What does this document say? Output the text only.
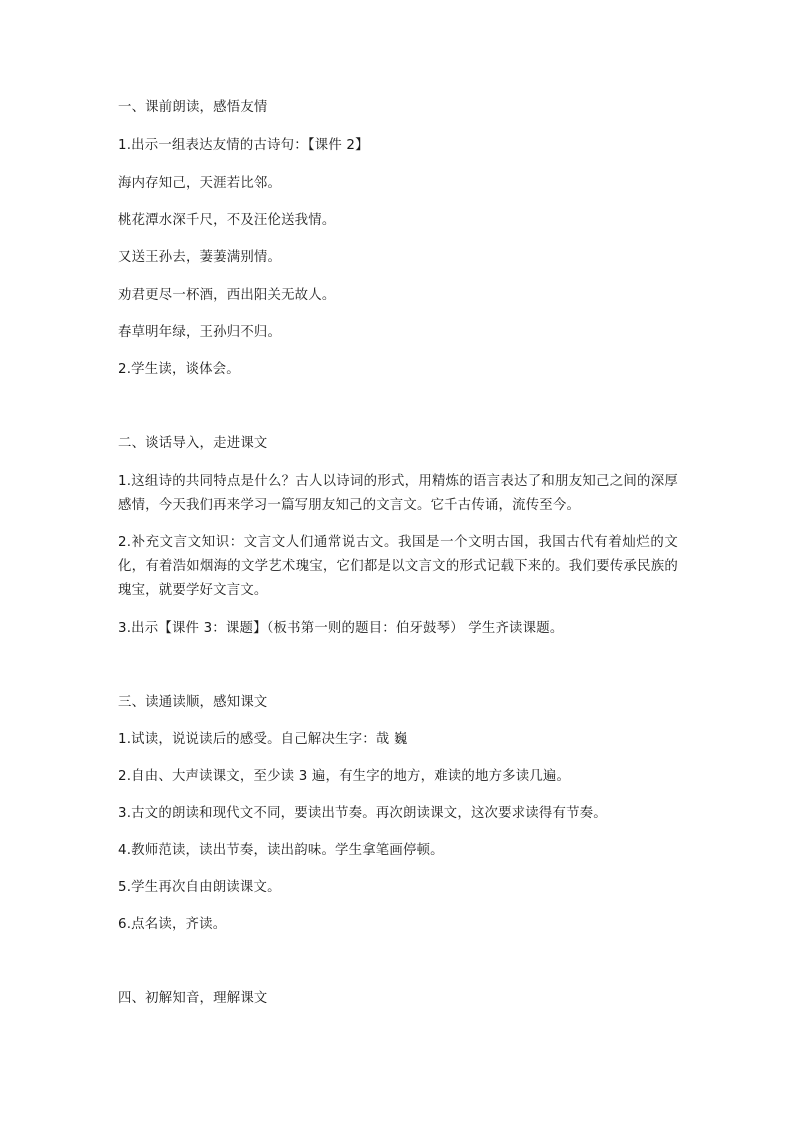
一、课前朗读，感悟友情
1.出示一组表达友情的古诗句：【课件 2】
海内存知己，天涯若比邻。
桃花潭水深千尺，不及汪伦送我情。
又送王孙去，萋萋满别情。
劝君更尽一杯酒，西出阳关无故人。
春草明年绿，王孙归不归。
2.学生读，谈体会。
二、谈话导入，走进课文
1.这组诗的共同特点是什么？古人以诗词的形式，用精炼的语言表达了和朋友知己之间的深厚感情，今天我们再来学习一篇写朋友知己的文言文。它千古传诵，流传至今。
2.补充文言文知识：文言文人们通常说古文。我国是一个文明古国，我国古代有着灿烂的文化，有着浩如烟海的文学艺术瑰宝，它们都是以文言文的形式记载下来的。我们要传承民族的瑰宝，就要学好文言文。
3.出示【课件 3：课题】（板书第一则的题目：伯牙鼓琴） 学生齐读课题。
三、读通读顺，感知课文
1.试读，说说读后的感受。自己解决生字：哉 巍
2.自由、大声读课文，至少读 3 遍，有生字的地方，难读的地方多读几遍。
3.古文的朗读和现代文不同，要读出节奏。再次朗读课文，这次要求读得有节奏。
4.教师范读，读出节奏，读出韵味。学生拿笔画停顿。
5.学生再次自由朗读课文。
6.点名读，齐读。
四、初解知音，理解课文
